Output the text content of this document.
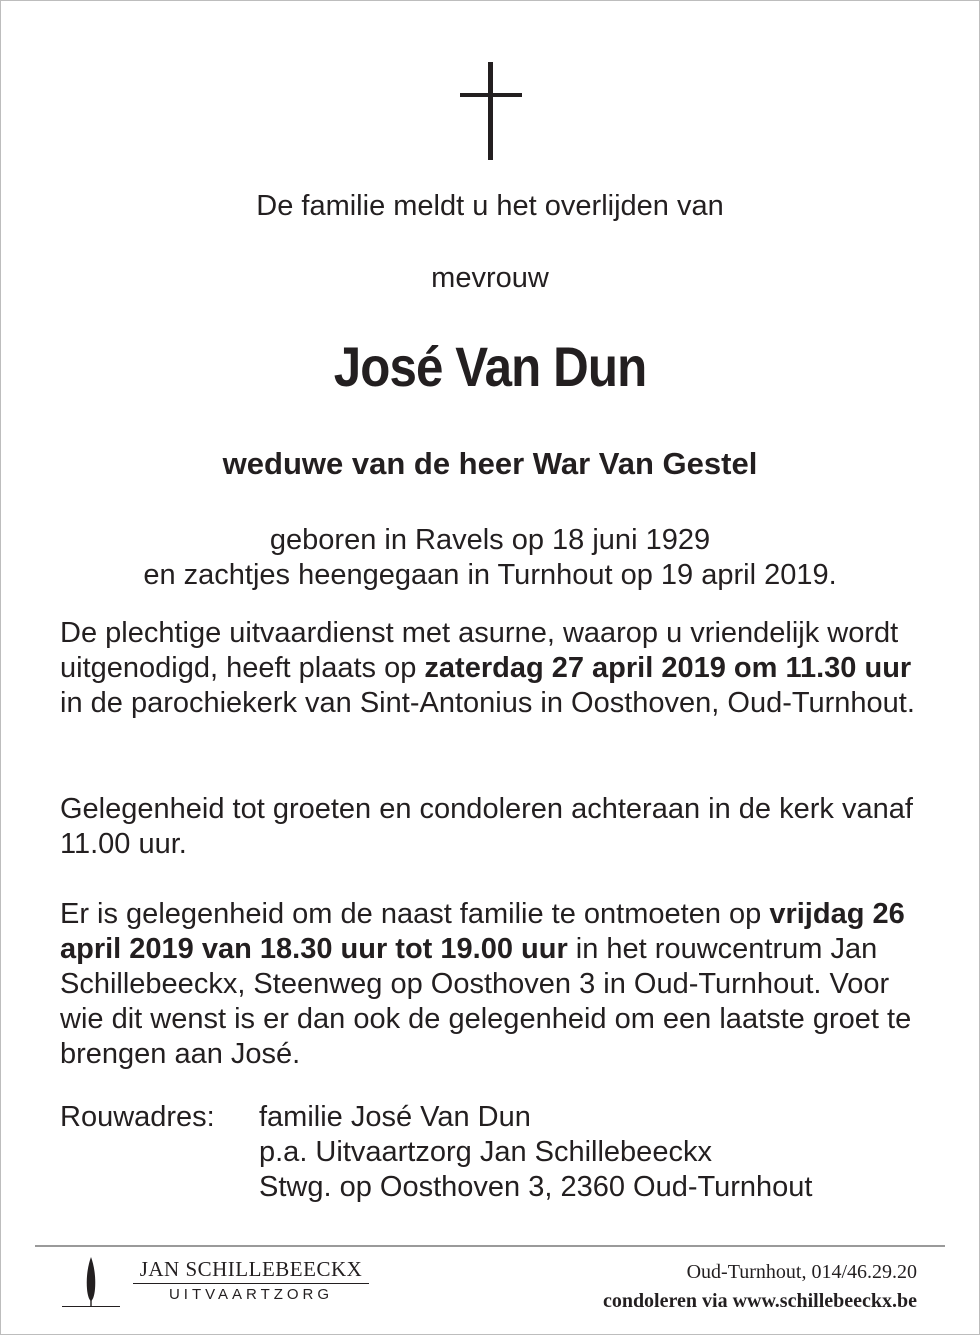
De familie meldt u het overlijden van
mevrouw
José Van Dun
weduwe van de heer War Van Gestel
geboren in Ravels op 18 juni 1929
en zachtjes heengegaan in Turnhout op 19 april 2019.
De plechtige uitvaardienst met asurne, waarop u vriendelijk wordt uitgenodigd, heeft plaats op zaterdag 27 april 2019 om 11.30 uur in de parochiekerk van Sint-Antonius in Oosthoven, Oud-Turnhout.
Gelegenheid tot groeten en condoleren achteraan in de kerk vanaf 11.00 uur.
Er is gelegenheid om de naast familie te ontmoeten op vrijdag 26 april 2019 van 18.30 uur tot 19.00 uur in het rouwcentrum Jan Schillebeeckx, Steenweg op Oosthoven 3 in Oud-Turnhout. Voor wie dit wenst is er dan ook de gelegenheid om een laatste groet te brengen aan José.
Rouwadres:	familie José Van Dun
p.a. Uitvaartzorg Jan Schillebeeckx
Stwg. op Oosthoven 3, 2360 Oud-Turnhout
JAN SCHILLEBEECKX
UITVAARTZORG
Oud-Turnhout, 014/46.29.20
condoleren via www.schillebeeckx.be
